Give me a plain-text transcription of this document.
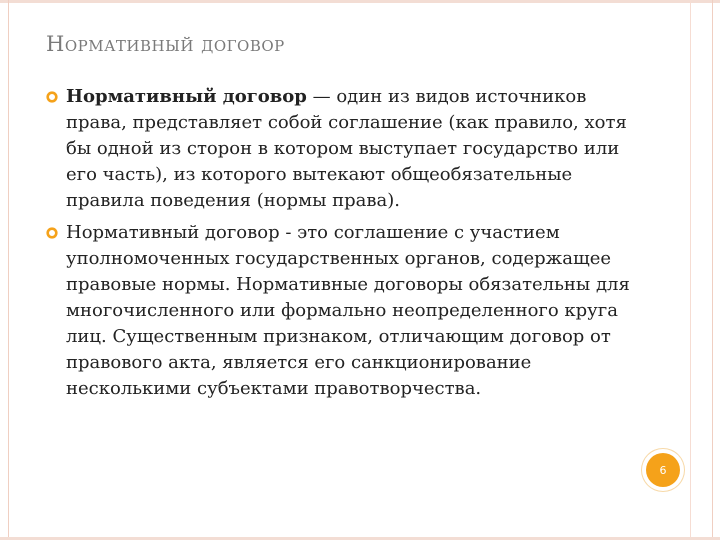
Нормативный договор
Нормативный договор — один из видов источников права, представляет собой соглашение (как правило, хотя бы одной из сторон в котором выступает государство или его часть), из которого вытекают общеобязательные правила поведения (нормы права).
Нормативный договор - это соглашение с участием уполномоченных государственных органов, содержащее правовые нормы. Нормативные договоры обязательны для многочисленного или формально неопределенного круга лиц. Существенным признаком, отличающим договор от правового акта, является его санкционирование несколькими субъектами правотворчества.
6
